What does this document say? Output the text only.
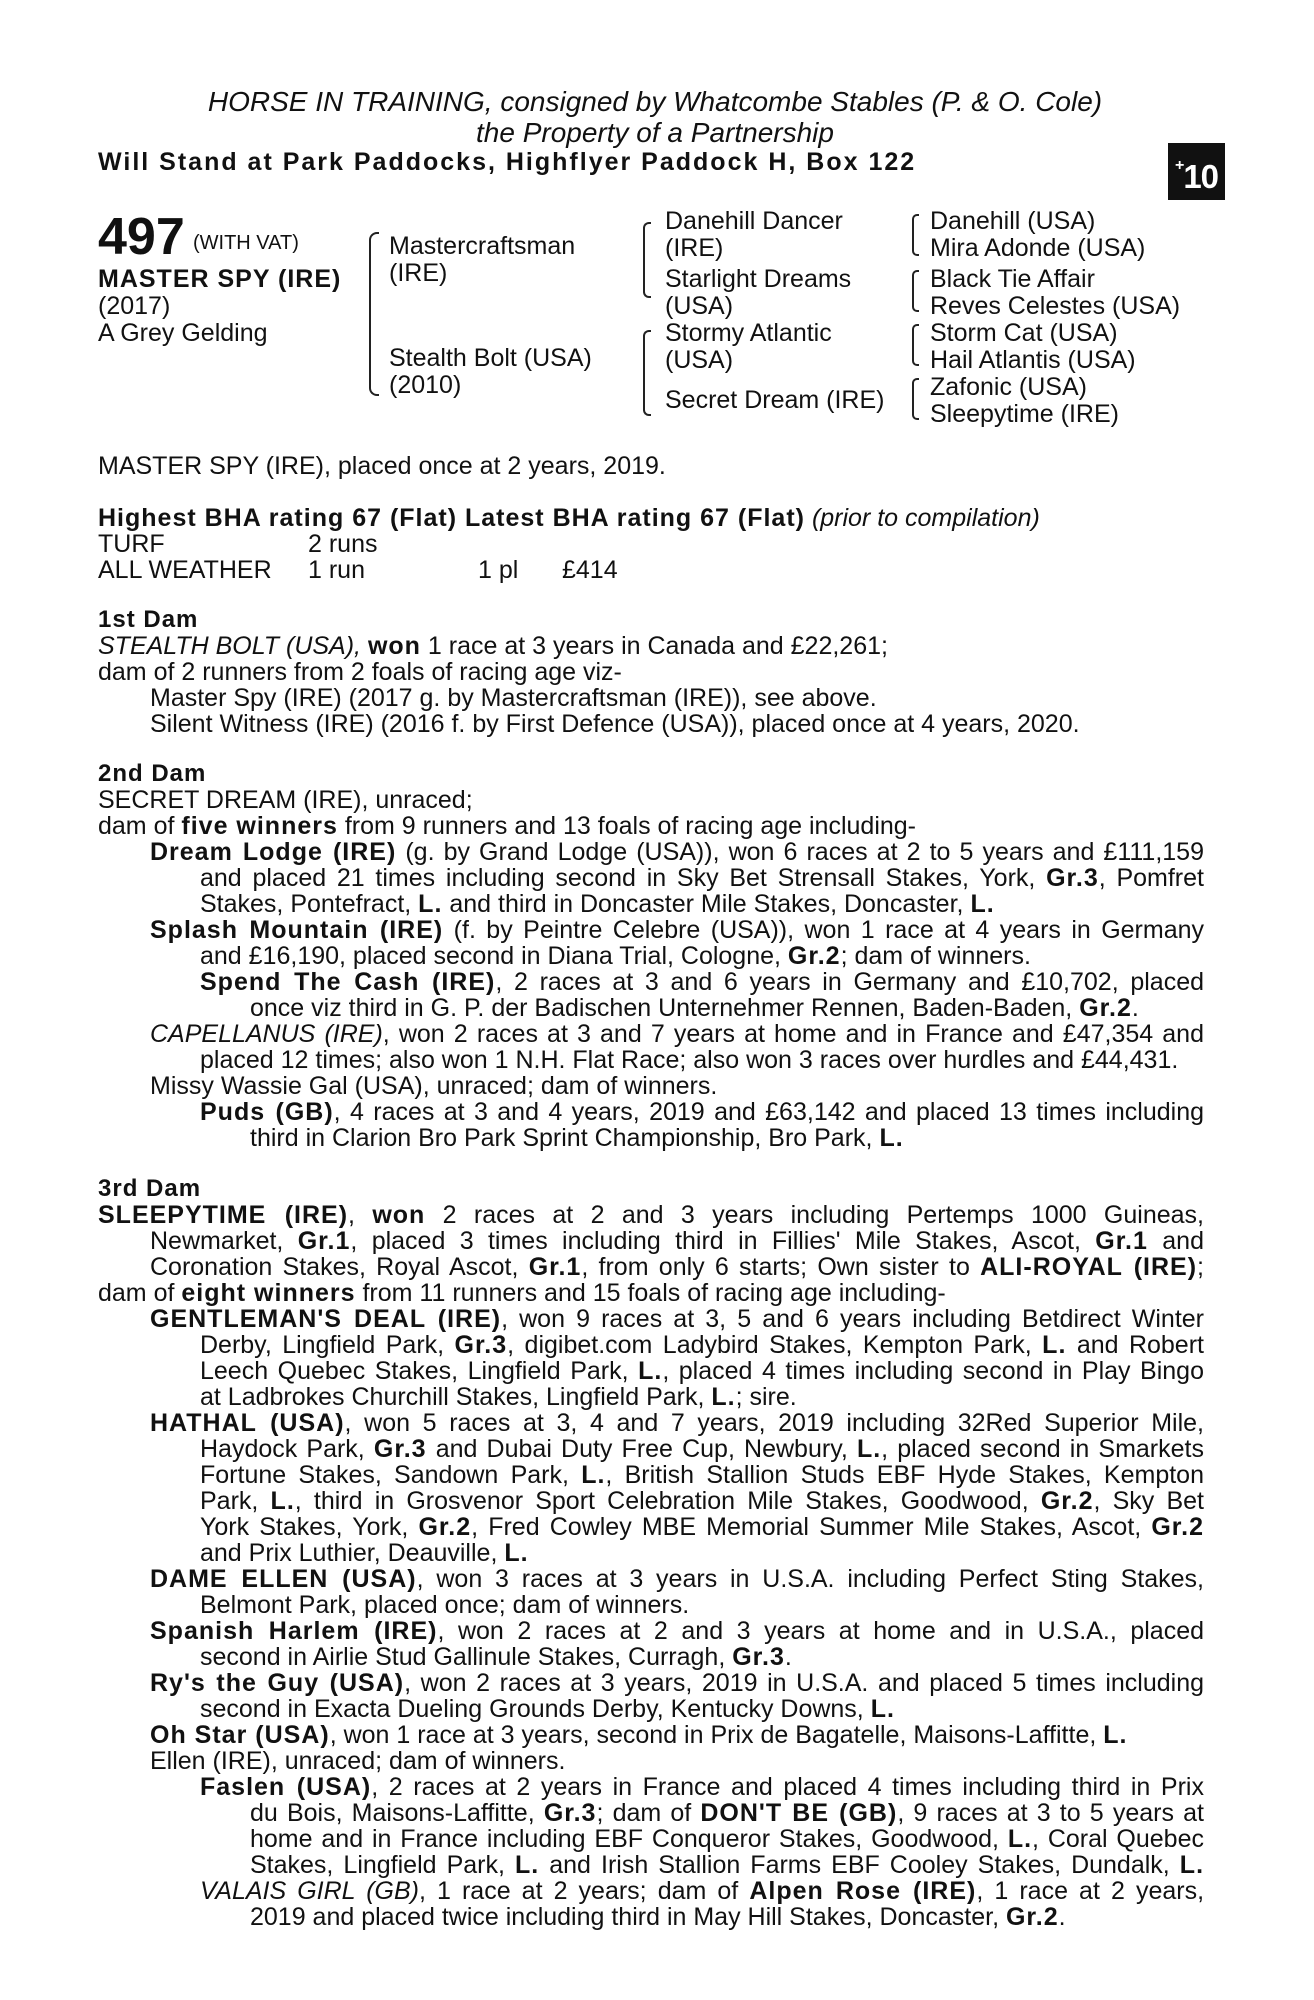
HORSE IN TRAINING, consigned by Whatcombe Stables (P. & O. Cole)
the Property of a Partnership
Will Stand at Park Paddocks, Highflyer Paddock H, Box 122	+10
497 (WITH VAT)
MASTER SPY (IRE)
(2017)
A Grey Gelding
Mastercraftsman
(IRE)
Stealth Bolt (USA)
(2010)
Danehill Dancer
(IRE)
Starlight Dreams
(USA)
Stormy Atlantic
(USA)
Secret Dream (IRE)
Danehill (USA)
Mira Adonde (USA)
Black Tie Affair
Reves Celestes (USA)
Storm Cat (USA)
Hail Atlantis (USA)
Zafonic (USA)
Sleepytime (IRE)
MASTER SPY (IRE), placed once at 2 years, 2019.
Highest BHA rating 67 (Flat) Latest BHA rating 67 (Flat) (prior to compilation)
TURF	2 runs
ALL WEATHER 1 run	1 pl £414
1st Dam
STEALTH BOLT (USA), won 1 race at 3 years in Canada and £22,261;
dam of 2 runners from 2 foals of racing age viz-
Master Spy (IRE) (2017 g. by Mastercraftsman (IRE)), see above.
Silent Witness (IRE) (2016 f. by First Defence (USA)), placed once at 4 years, 2020.
2nd Dam
SECRET DREAM (IRE), unraced;
dam of five winners from 9 runners and 13 foals of racing age including-
Dream Lodge (IRE) (g. by Grand Lodge (USA)), won 6 races at 2 to 5 years and £111,159
and placed 21 times including second in Sky Bet Strensall Stakes, York, Gr.3, Pomfret
Stakes, Pontefract, L. and third in Doncaster Mile Stakes, Doncaster, L.
Splash Mountain (IRE) (f. by Peintre Celebre (USA)), won 1 race at 4 years in Germany
and £16,190, placed second in Diana Trial, Cologne, Gr.2; dam of winners.
Spend The Cash (IRE), 2 races at 3 and 6 years in Germany and £10,702, placed
once viz third in G. P. der Badischen Unternehmer Rennen, Baden-Baden, Gr.2.
CAPELLANUS (IRE), won 2 races at 3 and 7 years at home and in France and £47,354 and
placed 12 times; also won 1 N.H. Flat Race; also won 3 races over hurdles and £44,431.
Missy Wassie Gal (USA), unraced; dam of winners.
Puds (GB), 4 races at 3 and 4 years, 2019 and £63,142 and placed 13 times including
third in Clarion Bro Park Sprint Championship, Bro Park, L.
3rd Dam
SLEEPYTIME (IRE), won 2 races at 2 and 3 years including Pertemps 1000 Guineas,
Newmarket, Gr.1, placed 3 times including third in Fillies' Mile Stakes, Ascot, Gr.1 and
Coronation Stakes, Royal Ascot, Gr.1, from only 6 starts; Own sister to ALI-ROYAL (IRE);
dam of eight winners from 11 runners and 15 foals of racing age including-
GENTLEMAN'S DEAL (IRE), won 9 races at 3, 5 and 6 years including Betdirect Winter
Derby, Lingfield Park, Gr.3, digibet.com Ladybird Stakes, Kempton Park, L. and Robert
Leech Quebec Stakes, Lingfield Park, L., placed 4 times including second in Play Bingo
at Ladbrokes Churchill Stakes, Lingfield Park, L.; sire.
HATHAL (USA), won 5 races at 3, 4 and 7 years, 2019 including 32Red Superior Mile,
Haydock Park, Gr.3 and Dubai Duty Free Cup, Newbury, L., placed second in Smarkets
Fortune Stakes, Sandown Park, L., British Stallion Studs EBF Hyde Stakes, Kempton
Park, L., third in Grosvenor Sport Celebration Mile Stakes, Goodwood, Gr.2, Sky Bet
York Stakes, York, Gr.2, Fred Cowley MBE Memorial Summer Mile Stakes, Ascot, Gr.2
and Prix Luthier, Deauville, L.
DAME ELLEN (USA), won 3 races at 3 years in U.S.A. including Perfect Sting Stakes,
Belmont Park, placed once; dam of winners.
Spanish Harlem (IRE), won 2 races at 2 and 3 years at home and in U.S.A., placed
second in Airlie Stud Gallinule Stakes, Curragh, Gr.3.
Ry's the Guy (USA), won 2 races at 3 years, 2019 in U.S.A. and placed 5 times including
second in Exacta Dueling Grounds Derby, Kentucky Downs, L.
Oh Star (USA), won 1 race at 3 years, second in Prix de Bagatelle, Maisons-Laffitte, L.
Ellen (IRE), unraced; dam of winners.
Faslen (USA), 2 races at 2 years in France and placed 4 times including third in Prix
du Bois, Maisons-Laffitte, Gr.3; dam of DON'T BE (GB), 9 races at 3 to 5 years at
home and in France including EBF Conqueror Stakes, Goodwood, L., Coral Quebec
Stakes, Lingfield Park, L. and Irish Stallion Farms EBF Cooley Stakes, Dundalk, L.
VALAIS GIRL (GB), 1 race at 2 years; dam of Alpen Rose (IRE), 1 race at 2 years,
2019 and placed twice including third in May Hill Stakes, Doncaster, Gr.2.
